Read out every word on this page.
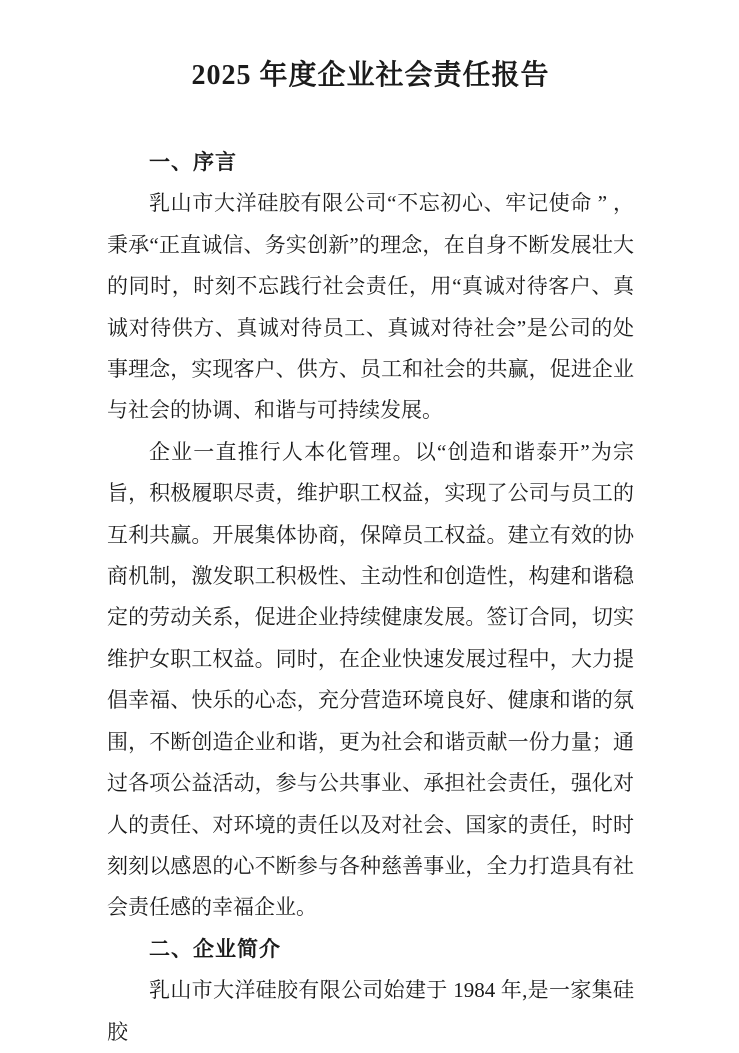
2025 年度企业社会责任报告
一、序言

乳山市大洋硅胶有限公司“不忘初心、牢记使命 ” ，秉承“正直诚信、务实创新”的理念，在自身不断发展壮大的同时，时刻不忘践行社会责任，用“真诚对待客户、真诚对待供方、真诚对待员工、真诚对待社会”是公司的处事理念，实现客户、供方、员工和社会的共赢，促进企业与社会的协调、和谐与可持续发展。

企业一直推行人本化管理。以“创造和谐泰开”为宗旨，积极履职尽责，维护职工权益，实现了公司与员工的互利共赢。开展集体协商，保障员工权益。建立有效的协商机制，激发职工积极性、主动性和创造性，构建和谐稳定的劳动关系，促进企业持续健康发展。签订合同，切实维护女职工权益。同时，在企业快速发展过程中，大力提倡幸福、快乐的心态，充分营造环境良好、健康和谐的氛围，不断创造企业和谐，更为社会和谐贡献一份力量；通过各项公益活动，参与公共事业、承担社会责任，强化对人的责任、对环境的责任以及对社会、国家的责任，时时刻刻以感恩的心不断参与各种慈善事业，全力打造具有社会责任感的幸福企业。

二、企业简介

乳山市大洋硅胶有限公司始建于 1984 年,是一家集硅胶
